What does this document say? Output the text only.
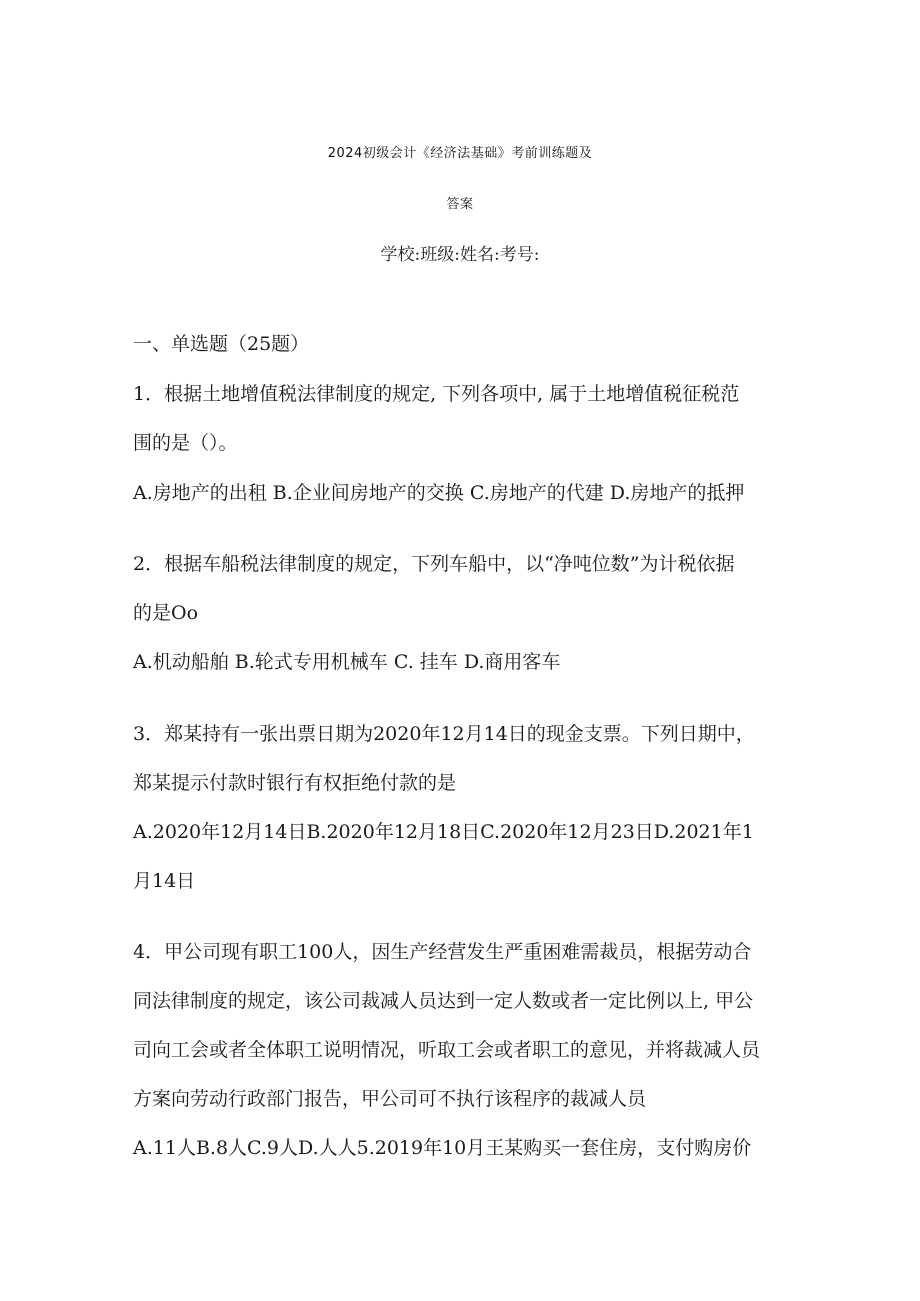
2024初级会计《经济法基础》考前训练题及
答案
学校:班级:姓名:考号:
一、单选题（25题）
1．根据土地增值税法律制度的规定, 下列各项中, 属于土地增值税征税范
围的是（）。
A.房地产的出租 B.企业间房地产的交换 C.房地产的代建 D.房地产的抵押
2．根据车船税法律制度的规定，下列车船中，以“净吨位数”为计税依据
的是Oo
A.机动船舶 B.轮式专用机械车 C. 挂车 D.商用客车
3．郑某持有一张出票日期为2020年12月14日的现金支票。下列日期中，
郑某提示付款时银行有权拒绝付款的是
A.2020年12月14日B.2020年12月18日C.2020年12月23日D.2021年1
月14日
4．甲公司现有职工100人，因生产经营发生严重困难需裁员，根据劳动合
同法律制度的规定，该公司裁减人员达到一定人数或者一定比例以上, 甲公
司向工会或者全体职工说明情况，听取工会或者职工的意见，并将裁减人员
方案向劳动行政部门报告，甲公司可不执行该程序的裁减人员
A.11人B.8人C.9人D.人人5.2019年10月王某购买一套住房，支付购房价
